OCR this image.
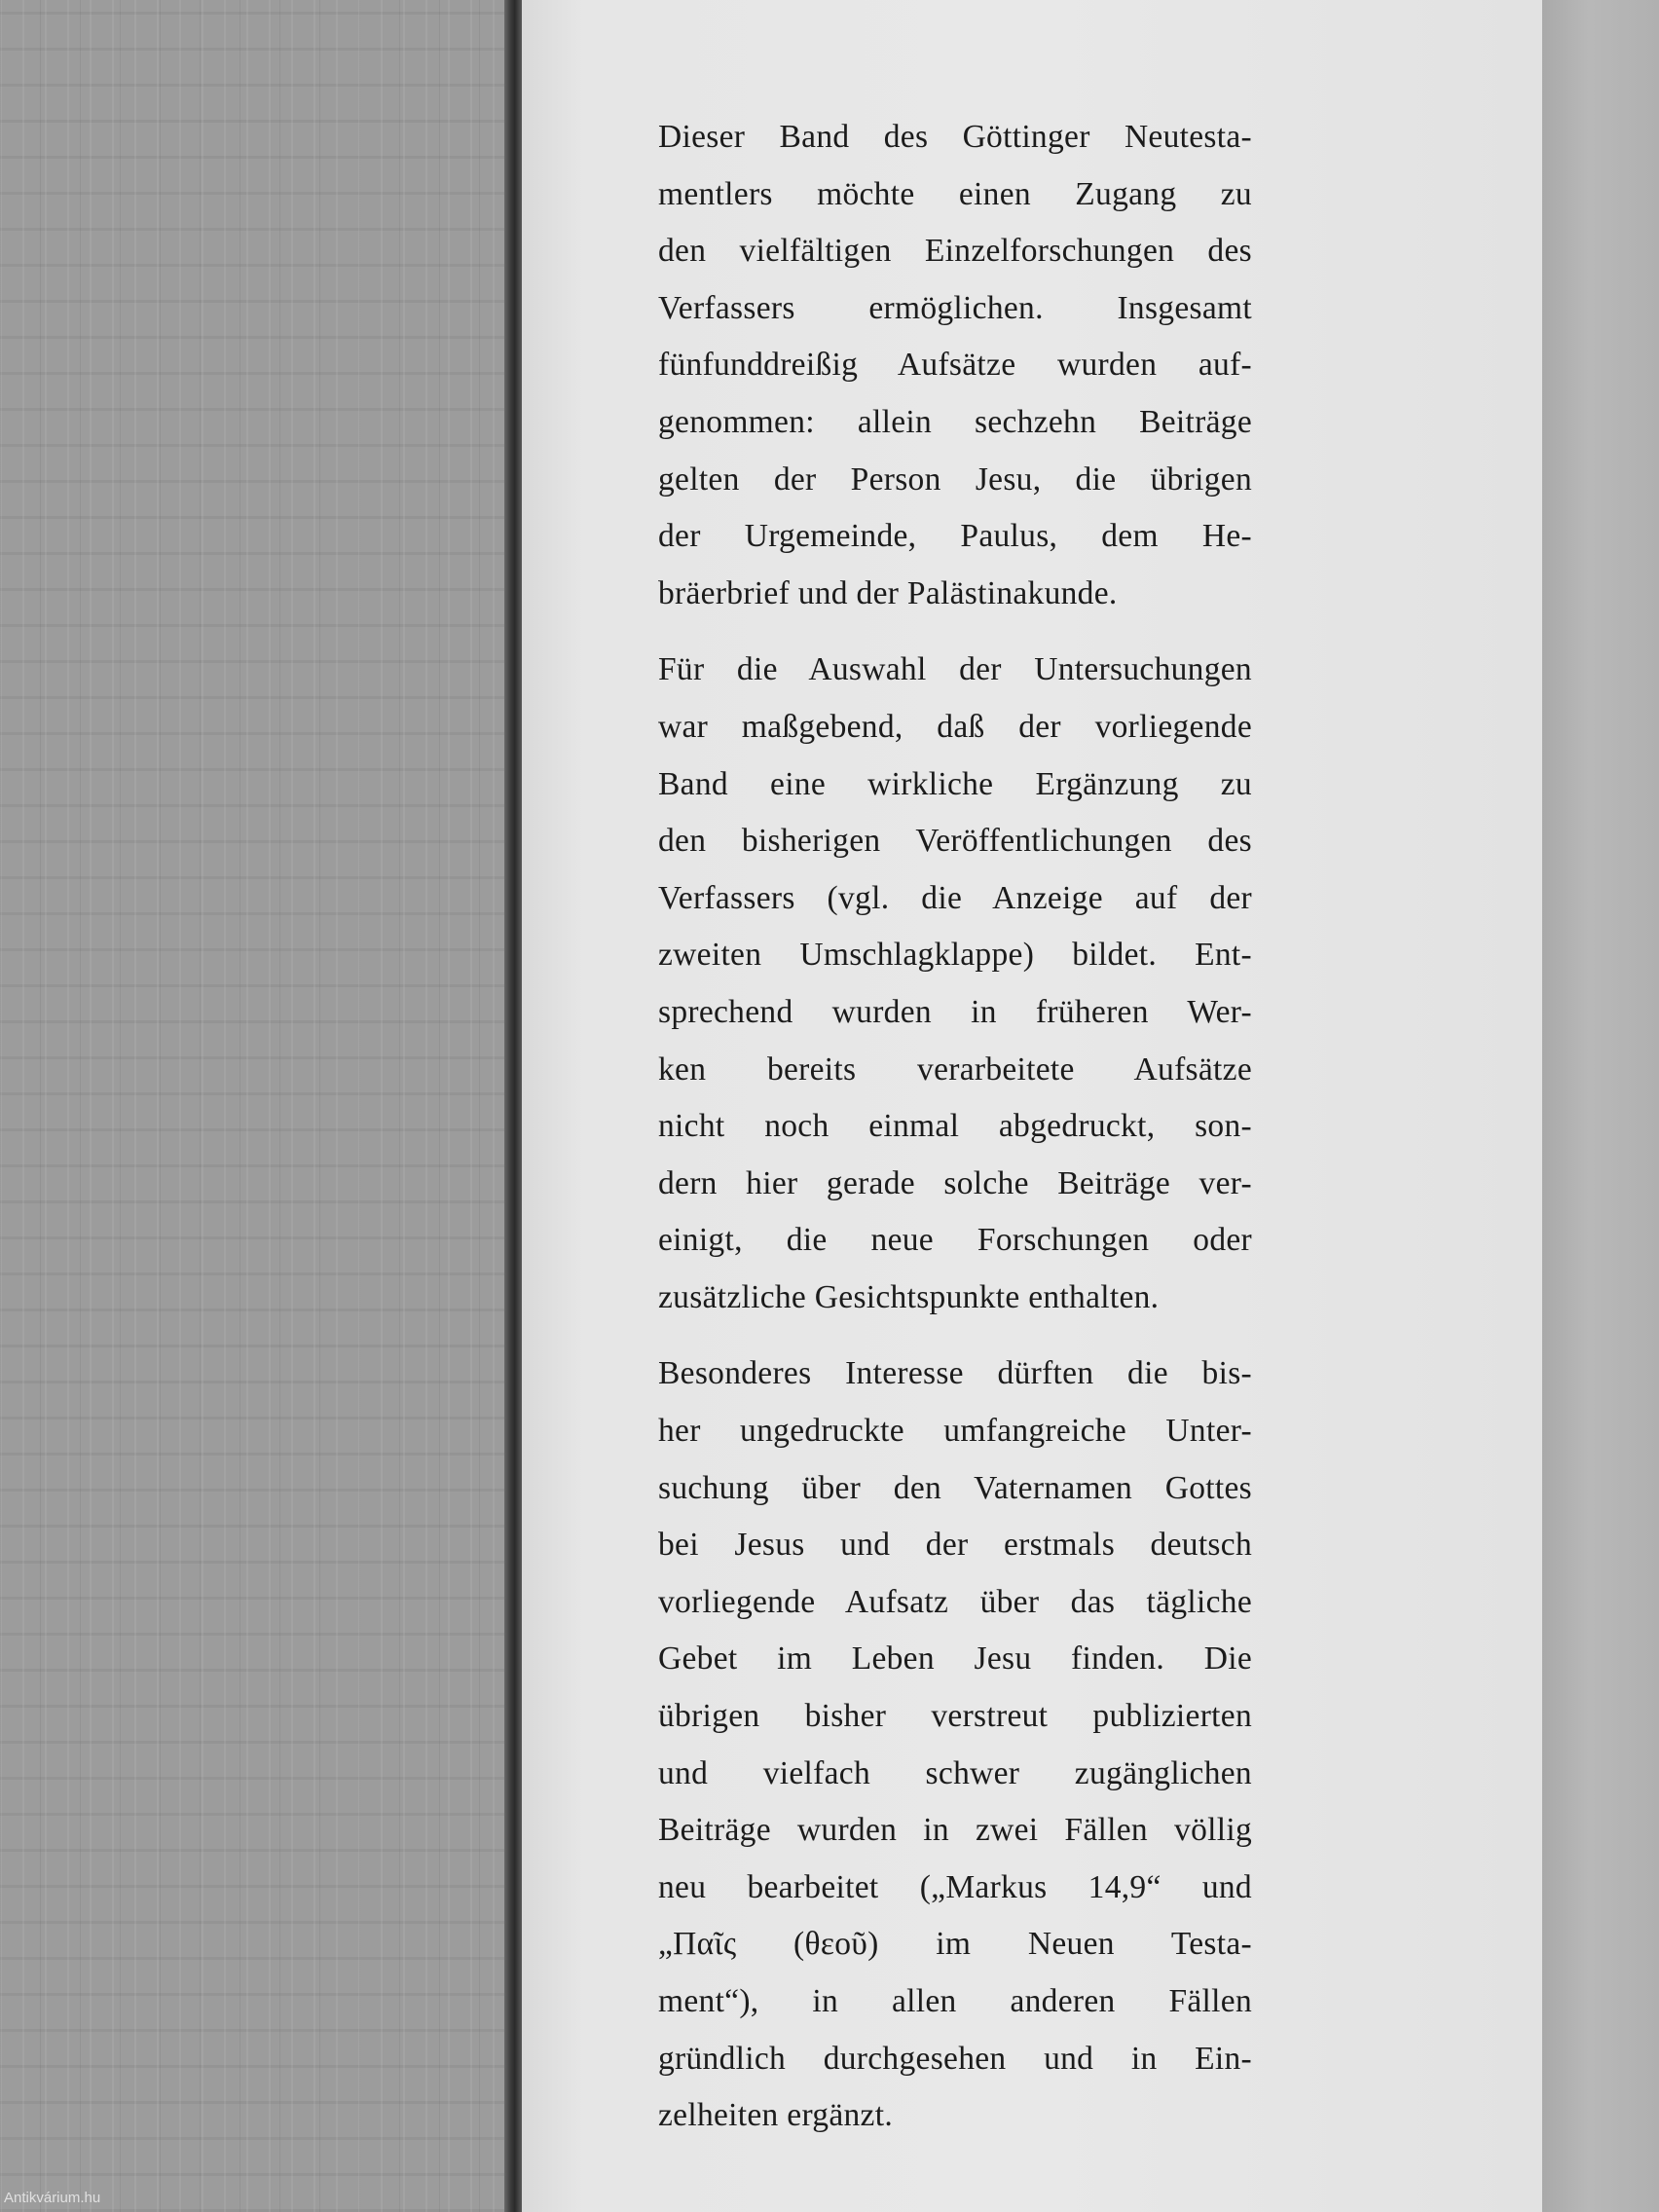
Dieser Band des Göttinger Neutesta-
mentlers möchte einen Zugang zu
den vielfältigen Einzelforschungen des
Verfassers ermöglichen. Insgesamt
fünfunddreißig Aufsätze wurden auf-
genommen: allein sechzehn Beiträge
gelten der Person Jesu, die übrigen
der Urgemeinde, Paulus, dem He-
bräerbrief und der Palästinakunde.
Für die Auswahl der Untersuchungen
war maßgebend, daß der vorliegende
Band eine wirkliche Ergänzung zu
den bisherigen Veröffentlichungen des
Verfassers (vgl. die Anzeige auf der
zweiten Umschlagklappe) bildet. Ent-
sprechend wurden in früheren Wer-
ken bereits verarbeitete Aufsätze
nicht noch einmal abgedruckt, son-
dern hier gerade solche Beiträge ver-
einigt, die neue Forschungen oder
zusätzliche Gesichtspunkte enthalten.
Besonderes Interesse dürften die bis-
her ungedruckte umfangreiche Unter-
suchung über den Vaternamen Gottes
bei Jesus und der erstmals deutsch
vorliegende Aufsatz über das tägliche
Gebet im Leben Jesu finden. Die
übrigen bisher verstreut publizierten
und vielfach schwer zugänglichen
Beiträge wurden in zwei Fällen völlig
neu bearbeitet („Markus 14,9“ und
„Παῖς (θεοῦ) im Neuen Testa-
ment“), in allen anderen Fällen
gründlich durchgesehen und in Ein-
zelheiten ergänzt.
Antikvárium.hu
